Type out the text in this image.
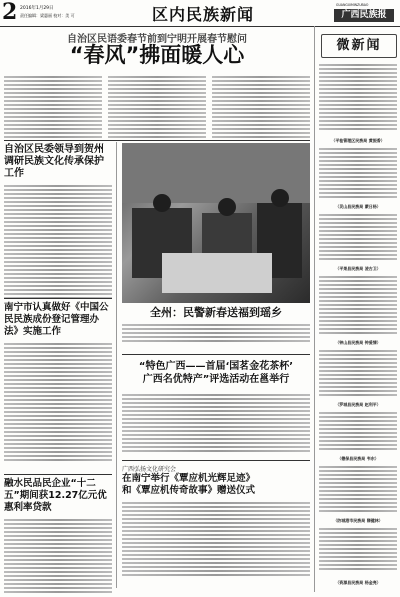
2 2016年1月29日
责任编辑：梁惠丽 校对：美 可	区内民族新闻	GUANGXIMINZUBAO
广西民族报
自治区民语委春节前到宁明开展春节慰问
“春风”拂面暖人心
自治区民委领导到贺州调研民族文化传承保护工作
南宁市认真做好《中国公民民族成份登记管理办法》实施工作
融水民品民企业“十二五”期间获12.27亿元优惠利率贷款
全州：民警新春送福到瑶乡
“特色广西——首届‘国茗金花茶杯’
广西名优特产”评选活动在邕举行
广西弘扬文化研究会
在南宁举行《覃应机光辉足迹》
和《覃应机传奇故事》赠送仪式
微新闻
（平桂管理区民族局 黄振香）
（灵山县民族局 蒙日杨）
（平果县民族局 凌古卫）
（钟山县民族局 钟爱情）
（罗城县民族局 赵利平）
（德保县民族局 韦东）
（防城港市民族局 隋健林）
（资源县民族局 杨金亮）
